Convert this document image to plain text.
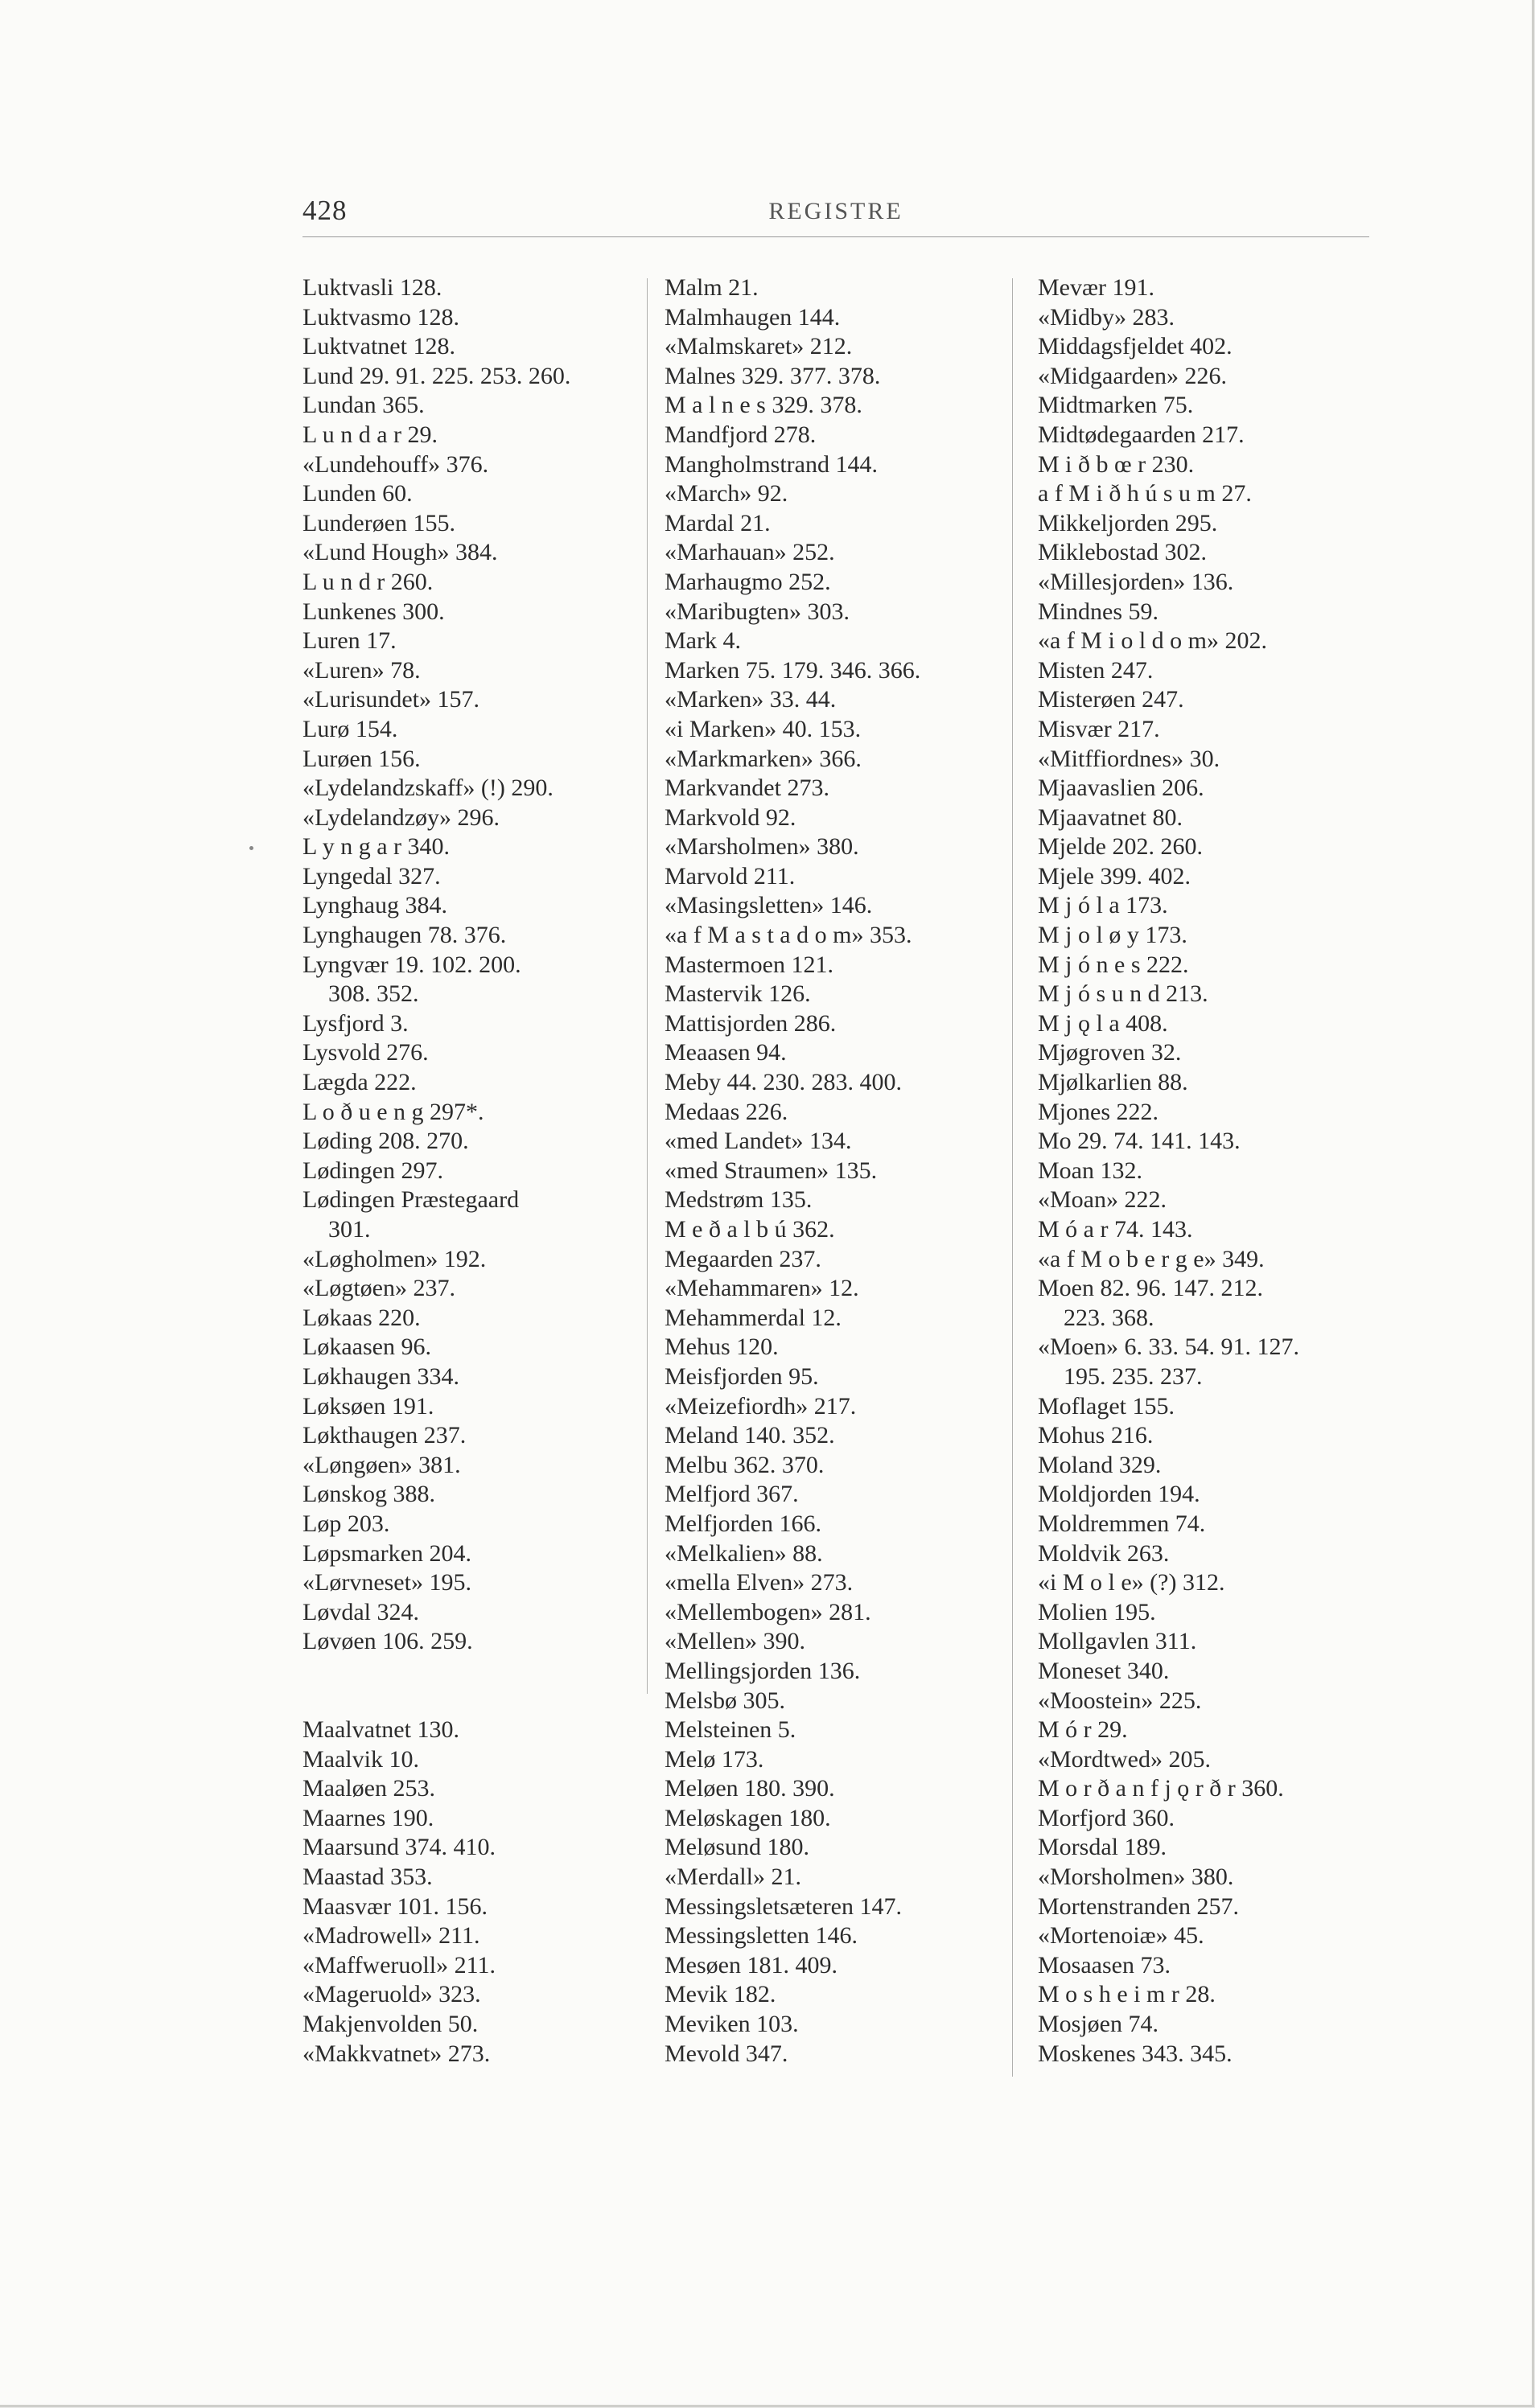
428	REGISTRE
Luktvasli 128.
Luktvasmo 128.
Luktvatnet 128.
Lund 29. 91. 225. 253. 260.
Lundan 365.
L u n d a r 29.
«Lundehouff» 376.
Lunden 60.
Lunderøen 155.
«Lund Hough» 384.
L u n d r 260.
Lunkenes 300.
Luren 17.
«Luren» 78.
«Lurisundet» 157.
Lurø 154.
Lurøen 156.
«Lydelandzskaff» (!) 290.
«Lydelandzøy» 296.
L y n g a r 340.
Lyngedal 327.
Lynghaug 384.
Lynghaugen 78. 376.
Lyngvær 19. 102. 200.
308. 352.
Lysfjord 3.
Lysvold 276.
Lægda 222.
L o ð u e n g 297*.
Løding 208. 270.
Lødingen 297.
Lødingen Præstegaard
301.
«Løgholmen» 192.
«Løgtøen» 237.
Løkaas 220.
Løkaasen 96.
Løkhaugen 334.
Løksøen 191.
Løkthaugen 237.
«Løngøen» 381.
Lønskog 388.
Løp 203.
Løpsmarken 204.
«Lørvneset» 195.
Løvdal 324.
Løvøen 106. 259.
Maalvatnet 130.
Maalvik 10.
Maaløen 253.
Maarnes 190.
Maarsund 374. 410.
Maastad 353.
Maasvær 101. 156.
«Madrowell» 211.
«Maffweruoll» 211.
«Mageruold» 323.
Makjenvolden 50.
«Makkvatnet» 273.
Malm 21.
Malmhaugen 144.
«Malmskaret» 212.
Malnes 329. 377. 378.
M a l n e s 329. 378.
Mandfjord 278.
Mangholmstrand 144.
«March» 92.
Mardal 21.
«Marhauan» 252.
Marhaugmo 252.
«Maribugten» 303.
Mark 4.
Marken 75. 179. 346. 366.
«Marken» 33. 44.
«i Marken» 40. 153.
«Markmarken» 366.
Markvandet 273.
Markvold 92.
«Marsholmen» 380.
Marvold 211.
«Masingsletten» 146.
«a f M a s t a d o m» 353.
Mastermoen 121.
Mastervik 126.
Mattisjorden 286.
Meaasen 94.
Meby 44. 230. 283. 400.
Medaas 226.
«med Landet» 134.
«med Straumen» 135.
Medstrøm 135.
M e ð a l b ú 362.
Megaarden 237.
«Mehammaren» 12.
Mehammerdal 12.
Mehus 120.
Meisfjorden 95.
«Meizefiordh» 217.
Meland 140. 352.
Melbu 362. 370.
Melfjord 367.
Melfjorden 166.
«Melkalien» 88.
«mella Elven» 273.
«Mellembogen» 281.
«Mellen» 390.
Mellingsjorden 136.
Melsbø 305.
Melsteinen 5.
Melø 173.
Meløen 180. 390.
Meløskagen 180.
Meløsund 180.
«Merdall» 21.
Messingsletsæteren 147.
Messingsletten 146.
Mesøen 181. 409.
Mevik 182.
Meviken 103.
Mevold 347.
Mevær 191.
«Midby» 283.
Middagsfjeldet 402.
«Midgaarden» 226.
Midtmarken 75.
Midtødegaarden 217.
M i ð b œ r 230.
a f M i ð h ú s u m 27.
Mikkeljorden 295.
Miklebostad 302.
«Millesjorden» 136.
Mindnes 59.
«a f M i o l d o m» 202.
Misten 247.
Misterøen 247.
Misvær 217.
«Mitffiordnes» 30.
Mjaavaslien 206.
Mjaavatnet 80.
Mjelde 202. 260.
Mjele 399. 402.
M j ó l a 173.
M j o l ø y 173.
M j ó n e s 222.
M j ó s u n d 213.
M j ǫ l a 408.
Mjøgroven 32.
Mjølkarlien 88.
Mjones 222.
Mo 29. 74. 141. 143.
Moan 132.
«Moan» 222.
M ó a r 74. 143.
«a f M o b e r g e» 349.
Moen 82. 96. 147. 212.
223. 368.
«Moen» 6. 33. 54. 91. 127.
195. 235. 237.
Moflaget 155.
Mohus 216.
Moland 329.
Moldjorden 194.
Moldremmen 74.
Moldvik 263.
«i M o l e» (?) 312.
Molien 195.
Mollgavlen 311.
Moneset 340.
«Moostein» 225.
M ó r 29.
«Mordtwed» 205.
M o r ð a n f j ǫ r ð r 360.
Morfjord 360.
Morsdal 189.
«Morsholmen» 380.
Mortenstranden 257.
«Mortenoiæ» 45.
Mosaasen 73.
M o s h e i m r 28.
Mosjøen 74.
Moskenes 343. 345.
